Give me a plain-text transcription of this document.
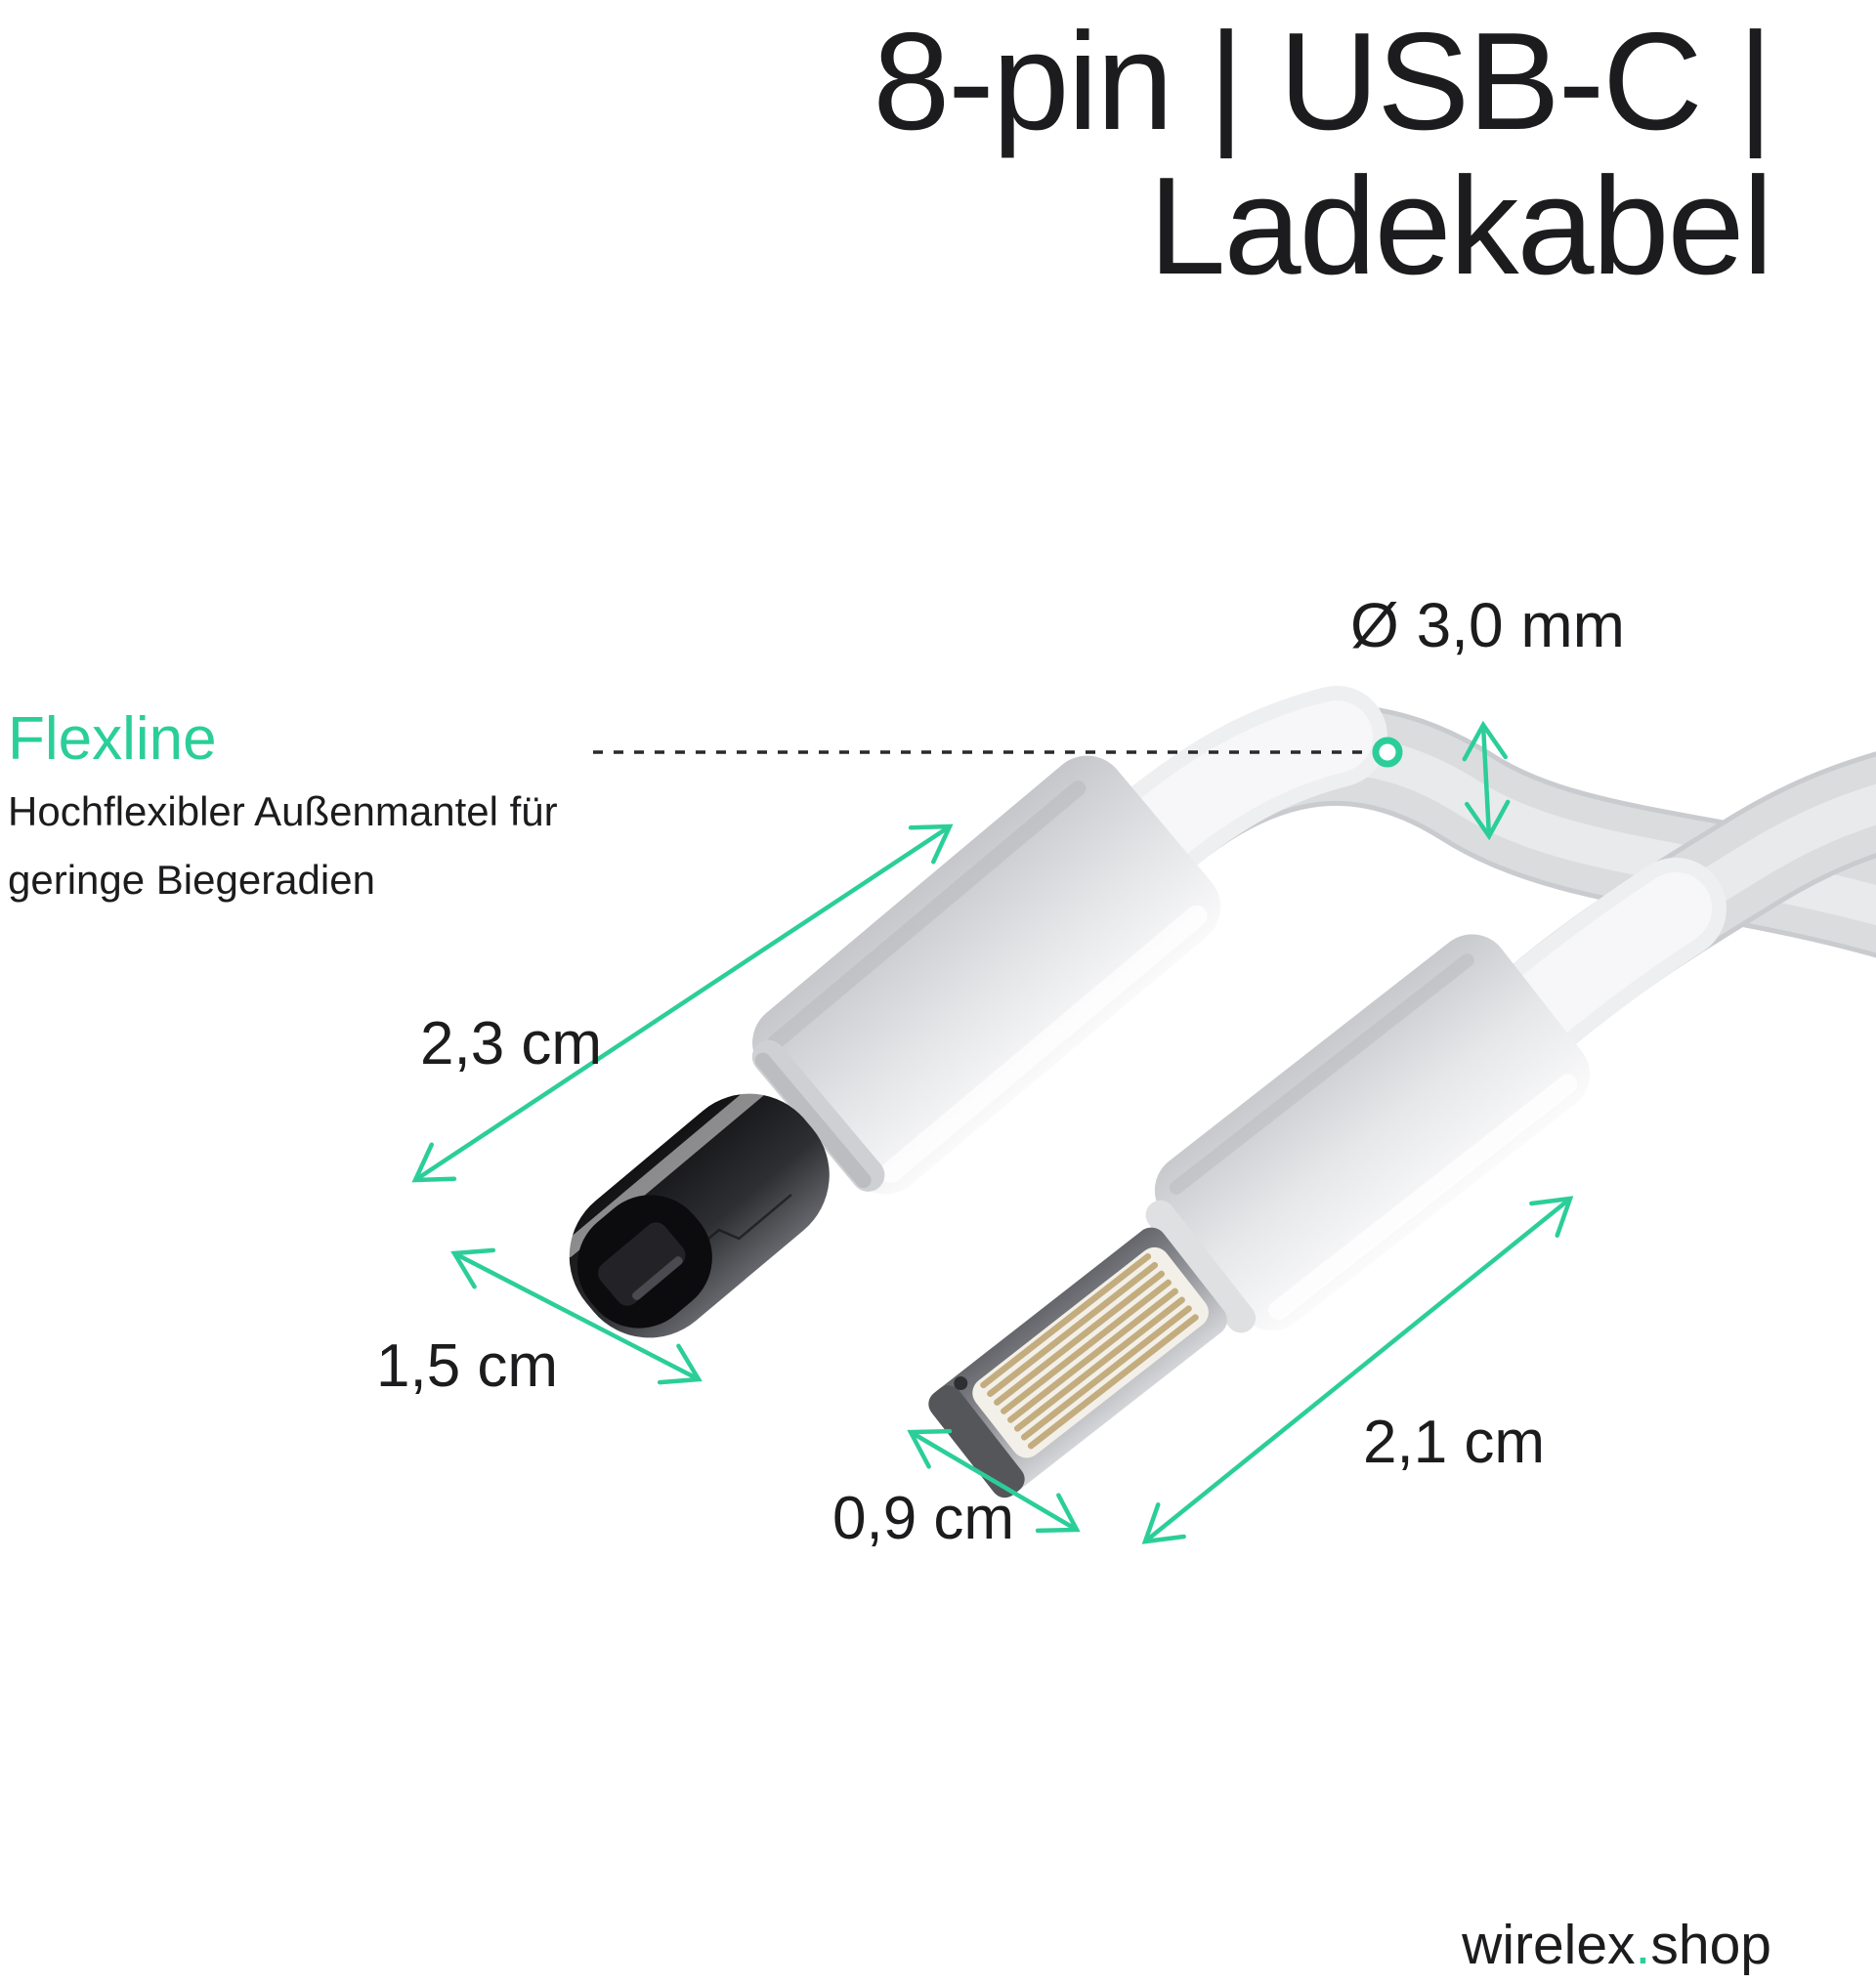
8-pin | USB-C |
Ladekabel
Ø 3,0 mm
Flexline
Hochflexibler Außenmantel für
geringe Biegeradien
2,3 cm
1,5 cm
0,9 cm
2,1 cm
wirelex.shop
